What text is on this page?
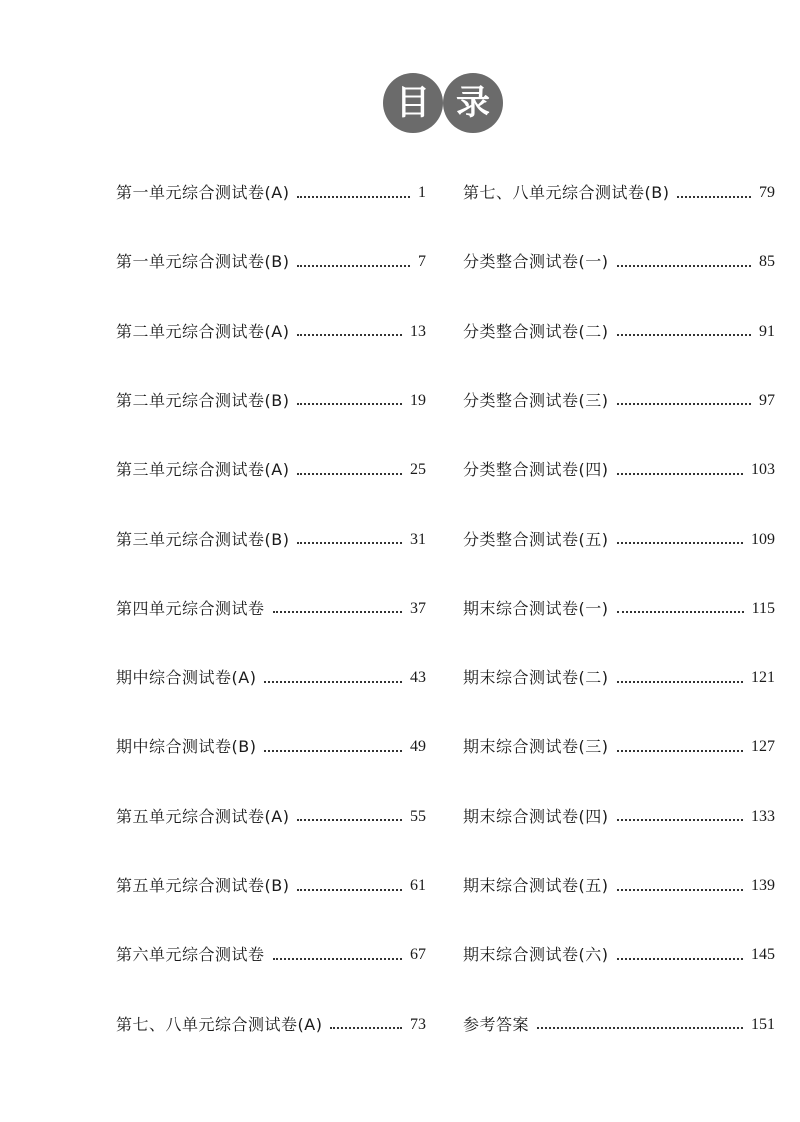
目 录
第一单元综合测试卷(A)	1
第一单元综合测试卷(B)	7
第二单元综合测试卷(A)	13
第二单元综合测试卷(B)	19
第三单元综合测试卷(A)	25
第三单元综合测试卷(B)	31
第四单元综合测试卷	37
期中综合测试卷(A)	43
期中综合测试卷(B)	49
第五单元综合测试卷(A)	55
第五单元综合测试卷(B)	61
第六单元综合测试卷	67
第七、八单元综合测试卷(A)	73
第七、八单元综合测试卷(B)	79
分类整合测试卷(一)	85
分类整合测试卷(二)	91
分类整合测试卷(三)	97
分类整合测试卷(四)	103
分类整合测试卷(五)	109
期末综合测试卷(一)	115
期末综合测试卷(二)	121
期末综合测试卷(三)	127
期末综合测试卷(四)	133
期末综合测试卷(五)	139
期末综合测试卷(六)	145
参考答案	151
